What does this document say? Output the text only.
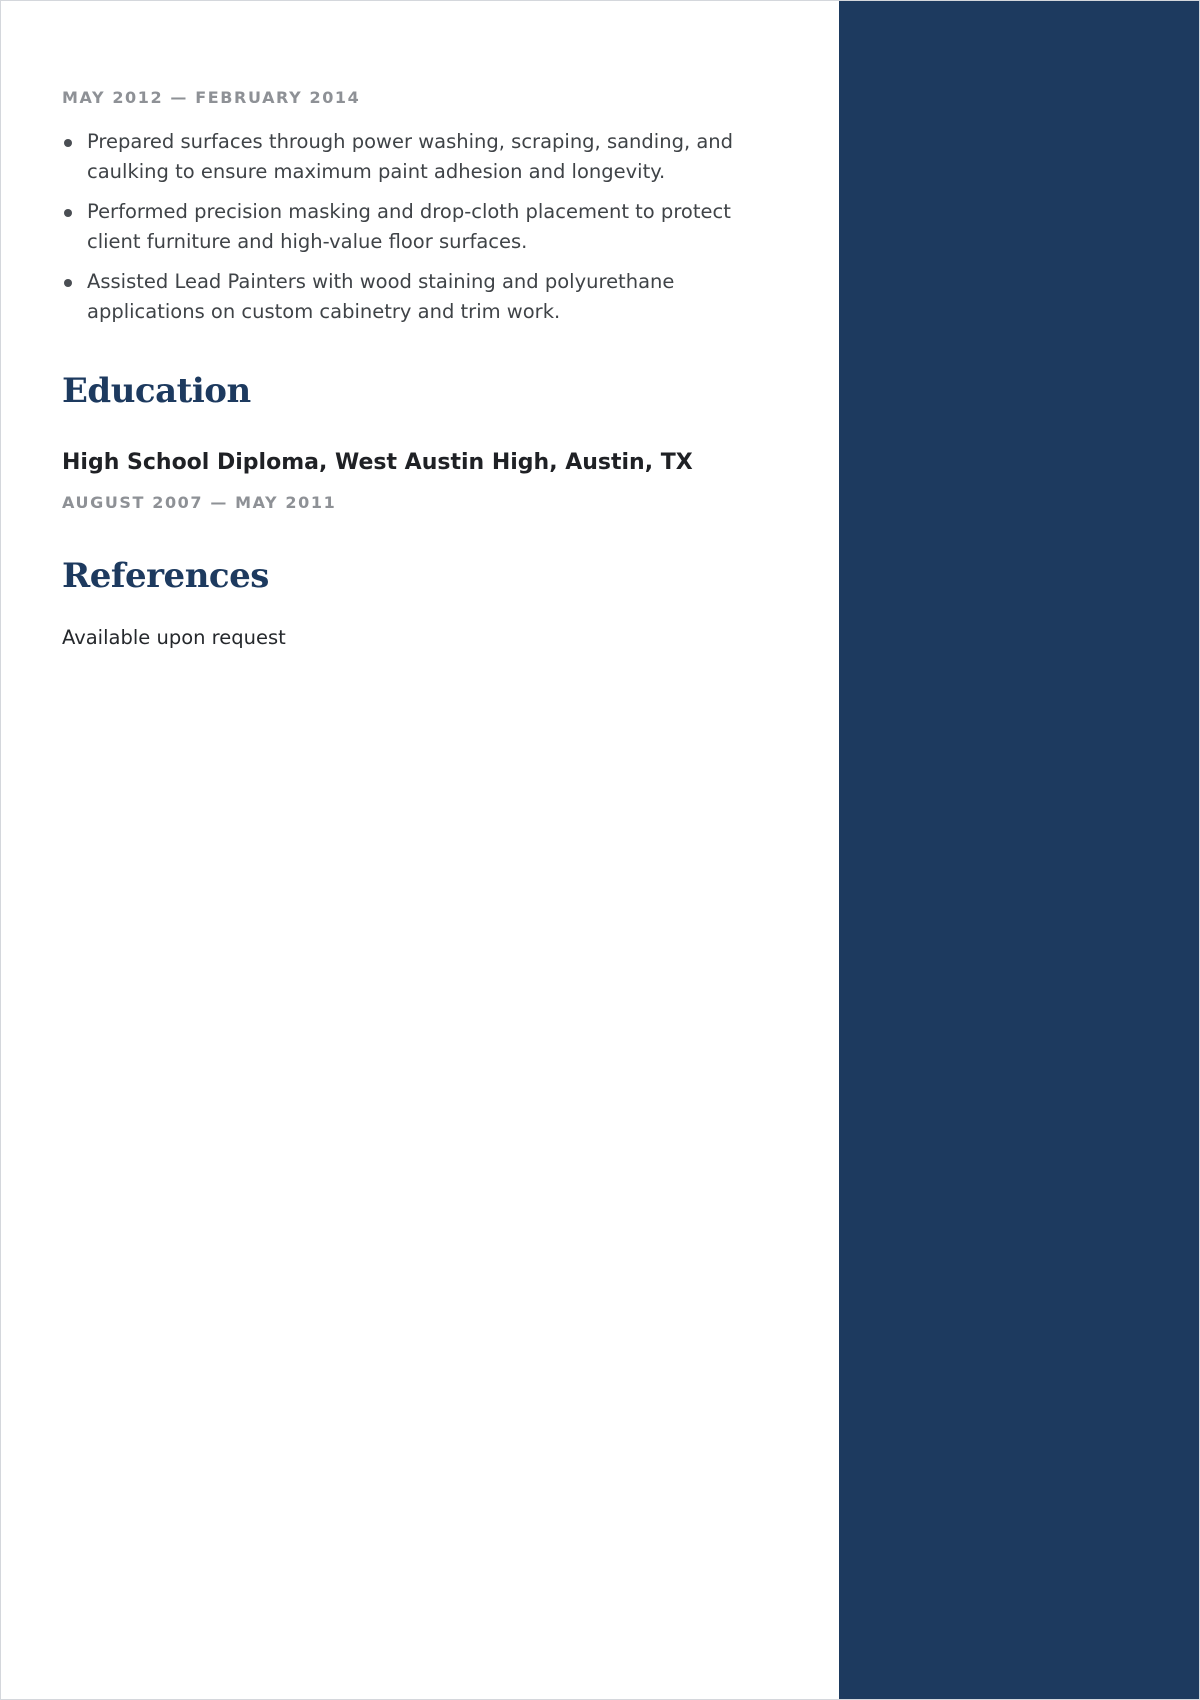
MAY 2012 — FEBRUARY 2014

Prepared surfaces through power washing, scraping, sanding, and caulking to ensure maximum paint adhesion and longevity.
Performed precision masking and drop-cloth placement to protect client furniture and high-value floor surfaces.
Assisted Lead Painters with wood staining and polyurethane applications on custom cabinetry and trim work.
Education

High School Diploma, West Austin High, Austin, TX

AUGUST 2007 — MAY 2011

References

Available upon request
